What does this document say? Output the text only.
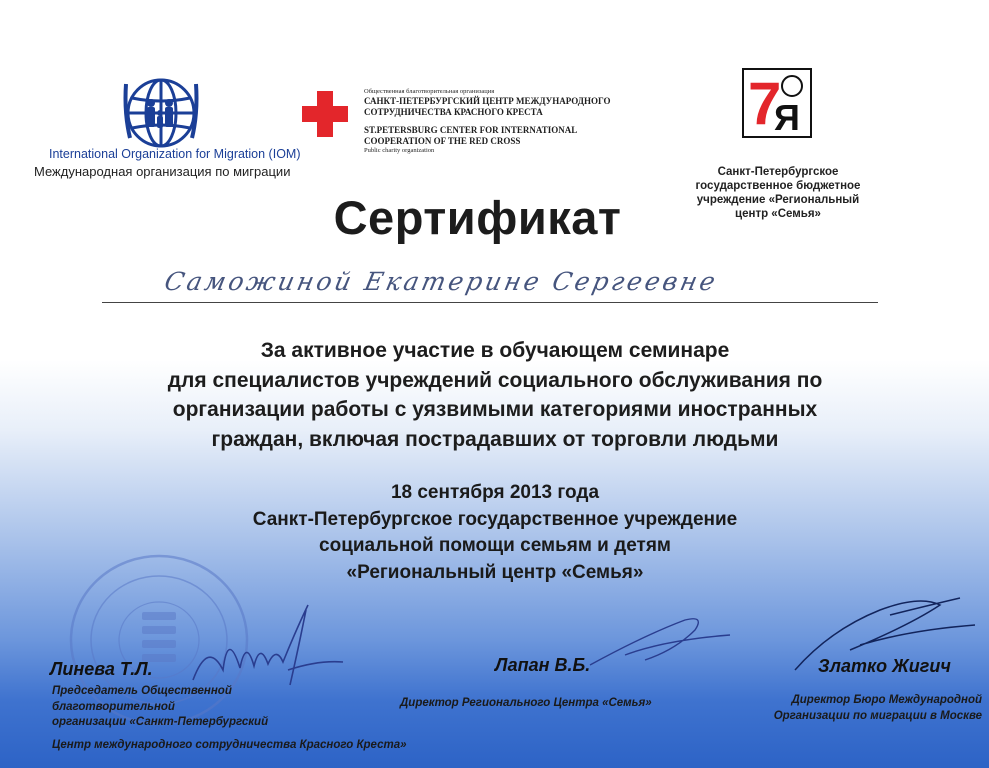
International Organization for Migration (IOM)
Международная организация по миграции
Общественная благотворительная организация
САНКТ-ПЕТЕРБУРГСКИЙ ЦЕНТР МЕЖДУНАРОДНОГО
СОТРУДНИЧЕСТВА КРАСНОГО КРЕСТА
ST.PETERSBURG CENTER FOR INTERNATIONAL
COOPERATION OF THE RED CROSS
Public charity organization
7
Я
Санкт-Петербургское
государственное бюджетное
учреждение «Региональный
центр «Семья»
Сертификат
Саможиной Екатерине Сергеевне
За активное участие в обучающем семинаре
для специалистов учреждений социального обслуживания по
организации работы с уязвимыми категориями иностранных
граждан, включая пострадавших от торговли людьми
18 сентября 2013 года
Санкт-Петербургское государственное учреждение
социальной помощи семьям и детям
«Региональный центр «Семья»
Линева Т.Л.
Председатель Общественной
благотворительной
организации «Санкт-Петербургский
Центр международного сотрудничества Красного Креста»
Лапан В.Б.
Директор Регионального Центра «Семья»
Златко Жигич
Директор Бюро Международной
Организации по миграции в Москве
